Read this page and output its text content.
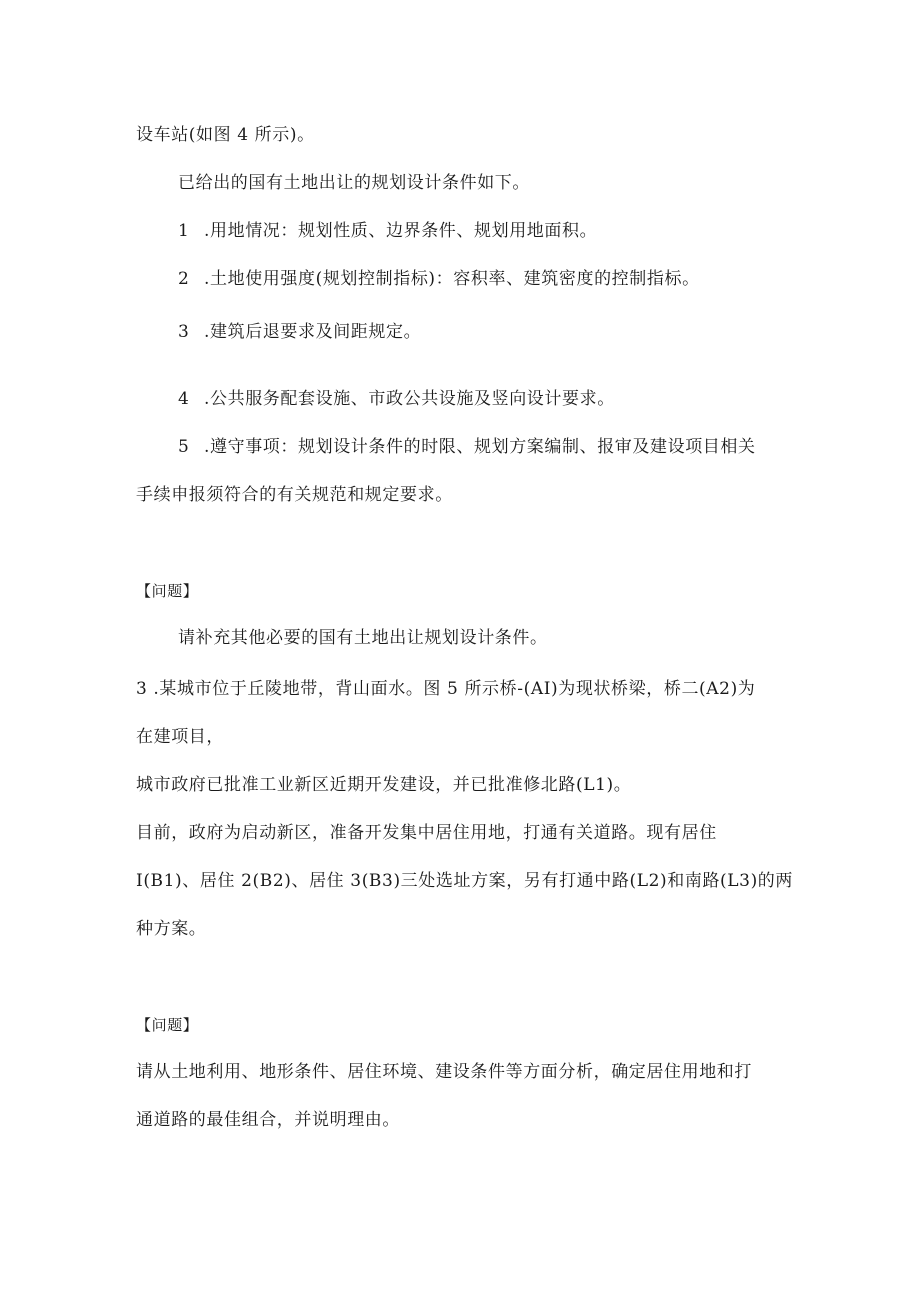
设车站(如图 4 所示)。
已给出的国有土地出让的规划设计条件如下。
1 .用地情况：规划性质、边界条件、规划用地面积。
2 .土地使用强度(规划控制指标)：容积率、建筑密度的控制指标。
3 .建筑后退要求及间距规定。
4 .公共服务配套设施、市政公共设施及竖向设计要求。
5 .遵守事项：规划设计条件的时限、规划方案编制、报审及建设项目相关
手续申报须符合的有关规范和规定要求。
【问题】
请补充其他必要的国有土地出让规划设计条件。
3 .某城市位于丘陵地带，背山面水。图 5 所示桥-(AI)为现状桥梁，桥二(A2)为
在建项目，
城市政府已批准工业新区近期开发建设，并已批准修北路(L1)。
目前，政府为启动新区，准备开发集中居住用地，打通有关道路。现有居住
I(B1)、居住 2(B2)、居住 3(B3)三处选址方案，另有打通中路(L2)和南路(L3)的两
种方案。
【问题】
请从土地利用、地形条件、居住环境、建设条件等方面分析，确定居住用地和打
通道路的最佳组合，并说明理由。
